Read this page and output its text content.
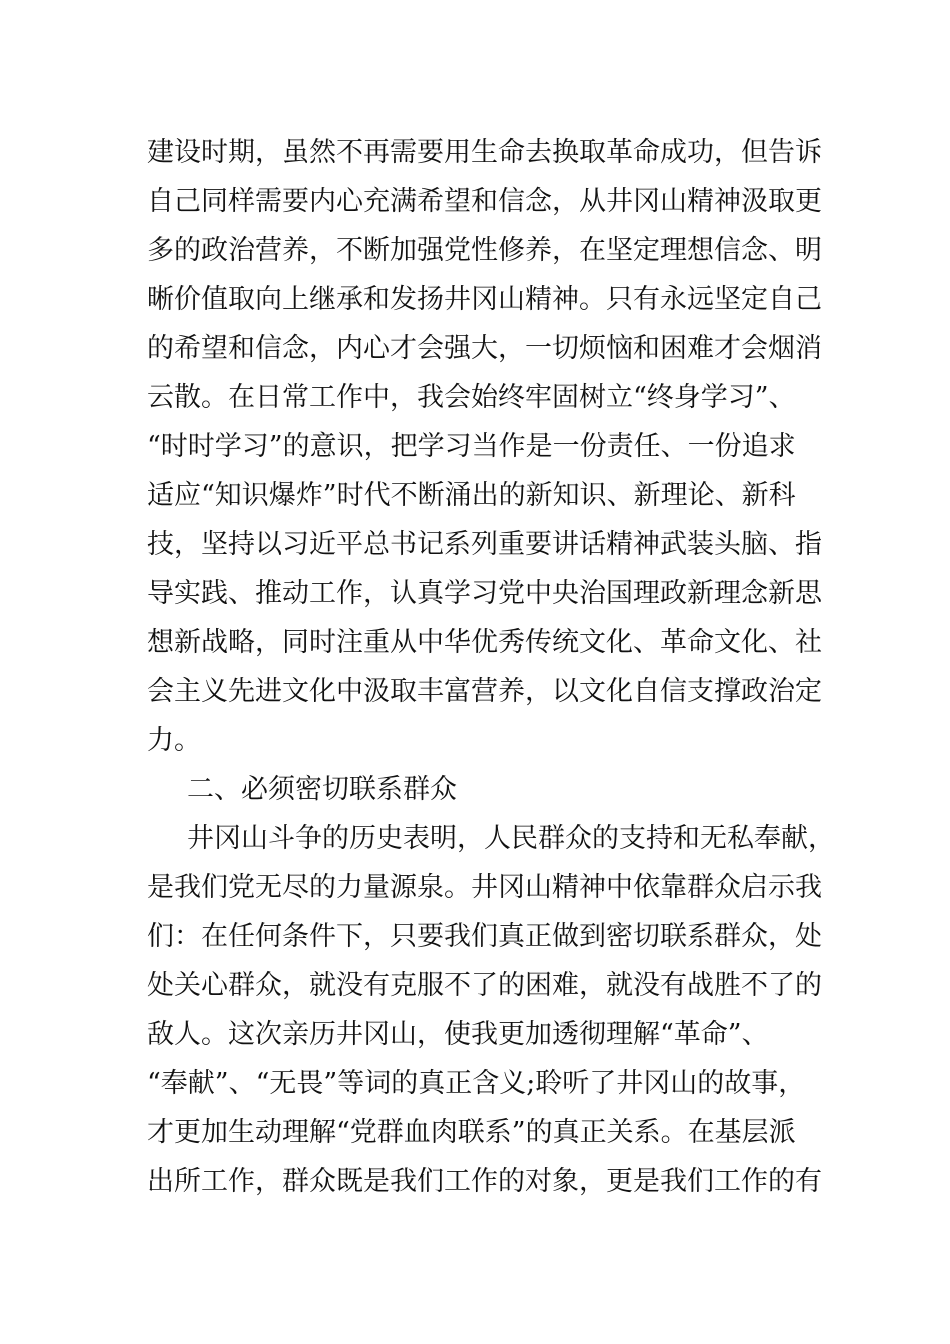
建设时期，虽然不再需要用生命去换取革命成功，但告诉
自己同样需要内心充满希望和信念，从井冈山精神汲取更
多的政治营养，不断加强党性修养，在坚定理想信念、明
晰价值取向上继承和发扬井冈山精神。只有永远坚定自己
的希望和信念，内心才会强大，一切烦恼和困难才会烟消
云散。在日常工作中，我会始终牢固树立“终身学习”、
“时时学习”的意识，把学习当作是一份责任、一份追求
适应“知识爆炸”时代不断涌出的新知识、新理论、新科
技，坚持以习近平总书记系列重要讲话精神武装头脑、指
导实践、推动工作，认真学习党中央治国理政新理念新思
想新战略，同时注重从中华优秀传统文化、革命文化、社
会主义先进文化中汲取丰富营养，以文化自信支撑政治定
力。
二、必须密切联系群众
井冈山斗争的历史表明，人民群众的支持和无私奉献，
是我们党无尽的力量源泉。井冈山精神中依靠群众启示我
们：在任何条件下，只要我们真正做到密切联系群众，处
处关心群众，就没有克服不了的困难，就没有战胜不了的
敌人。这次亲历井冈山，使我更加透彻理解“革命”、
“奉献”、“无畏”等词的真正含义;聆听了井冈山的故事，
才更加生动理解“党群血肉联系”的真正关系。在基层派
出所工作，群众既是我们工作的对象，更是我们工作的有
